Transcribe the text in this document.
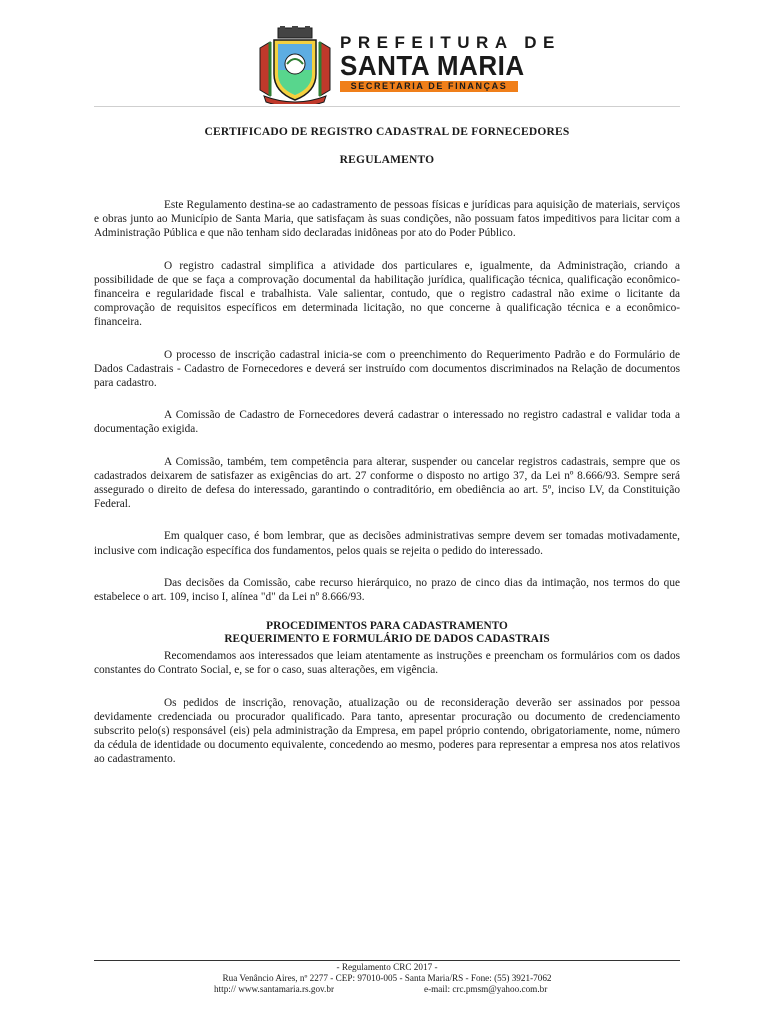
PREFEITURA DE
SANTA MARIA
SECRETARIA DE FINANÇAS
CERTIFICADO DE REGISTRO CADASTRAL DE FORNECEDORES
REGULAMENTO

Este Regulamento destina-se ao cadastramento de pessoas físicas e jurídicas para aquisição de materiais, serviços e obras junto ao Município de Santa Maria, que satisfaçam às suas condições, não possuam fatos impeditivos para licitar com a Administração Pública e que não tenham sido declaradas inidôneas por ato do Poder Público.

O registro cadastral simplifica a atividade dos particulares e, igualmente, da Administração, criando a possibilidade de que se faça a comprovação documental da habilitação jurídica, qualificação técnica, qualificação econômico-financeira e regularidade fiscal e trabalhista. Vale salientar, contudo, que o registro cadastral não exime o licitante da comprovação de requisitos específicos em determinada licitação, no que concerne à qualificação técnica e a econômico-financeira.

O processo de inscrição cadastral inicia-se com o preenchimento do Requerimento Padrão e do Formulário de Dados Cadastrais - Cadastro de Fornecedores e deverá ser instruído com documentos discriminados na Relação de documentos para cadastro.

A Comissão de Cadastro de Fornecedores deverá cadastrar o interessado no registro cadastral e validar toda a documentação exigida.

A Comissão, também, tem competência para alterar, suspender ou cancelar registros cadastrais, sempre que os cadastrados deixarem de satisfazer as exigências do art. 27 conforme o disposto no artigo 37, da Lei nº 8.666/93. Sempre será assegurado o direito de defesa do interessado, garantindo o contraditório, em obediência ao art. 5º, inciso LV, da Constituição Federal.

Em qualquer caso, é bom lembrar, que as decisões administrativas sempre devem ser tomadas motivadamente, inclusive com indicação específica dos fundamentos, pelos quais se rejeita o pedido do interessado.

Das decisões da Comissão, cabe recurso hierárquico, no prazo de cinco dias da intimação, nos termos do que estabelece o art. 109, inciso I, alínea "d" da Lei nº 8.666/93.

PROCEDIMENTOS PARA CADASTRAMENTO
REQUERIMENTO E FORMULÁRIO DE DADOS CADASTRAIS

Recomendamos aos interessados que leiam atentamente as instruções e preencham os formulários com os dados constantes do Contrato Social, e, se for o caso, suas alterações, em vigência.

Os pedidos de inscrição, renovação, atualização ou de reconsideração deverão ser assinados por pessoa devidamente credenciada ou procurador qualificado. Para tanto, apresentar procuração ou documento de credenciamento subscrito pelo(s) responsável (eis) pela administração da Empresa, em papel próprio contendo, obrigatoriamente, nome, número da cédula de identidade ou documento equivalente, concedendo ao mesmo, poderes para representar a empresa nos atos relativos ao cadastramento.

- Regulamento CRC 2017 -
Rua Venâncio Aires, nº 2277 - CEP: 97010-005 - Santa Maria/RS - Fone: (55) 3921-7062
http:// www.santamaria.rs.gov.br	e-mail: crc.pmsm@yahoo.com.br
